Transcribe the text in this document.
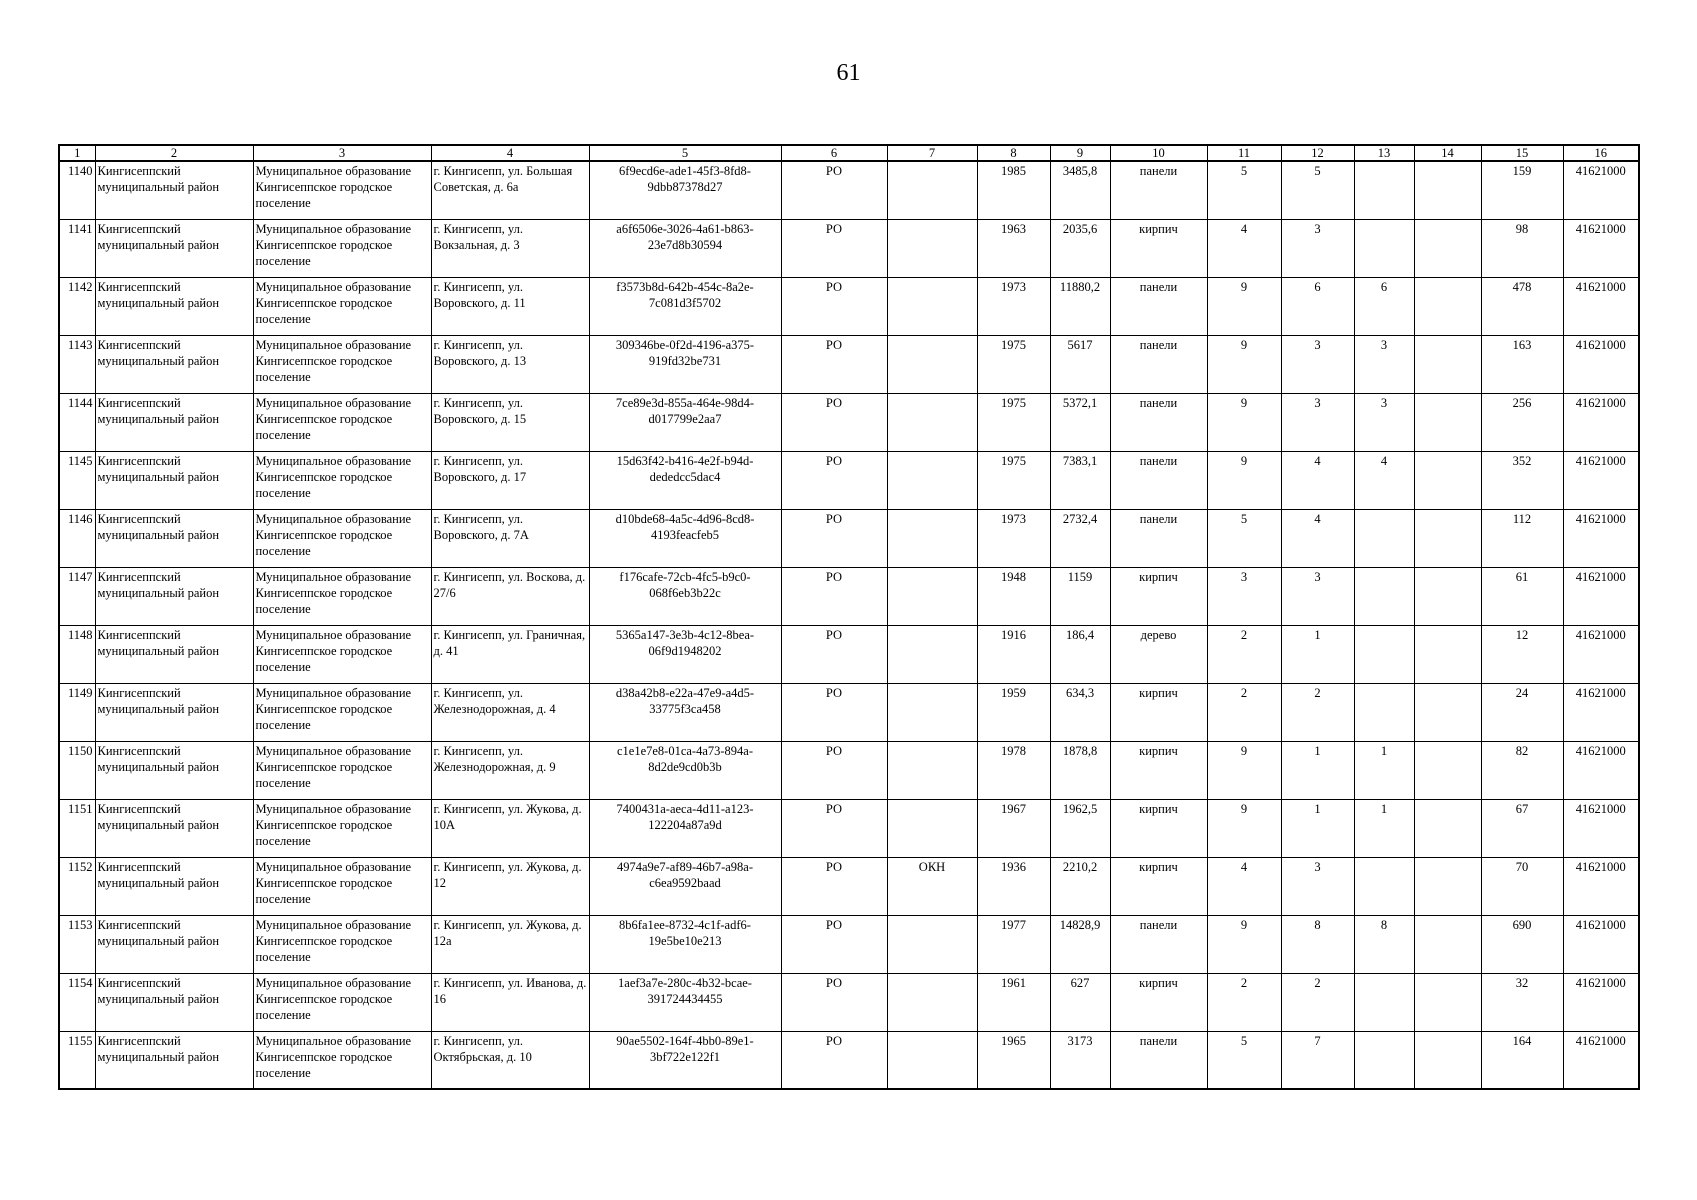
61
1	2	3	4	5	6	7	8	9	10	11	12	13	14	15	16
1140	Кингисеппский муниципальный район	Муниципальное образование Кингисеппское городское поселение	г. Кингисепп, ул. Большая Советская, д. 6а	6f9ecd6e-ade1-45f3-8fd8-9dbb87378d27	РО		1985	3485,8	панели	5	5			159	41621000
1141	Кингисеппский муниципальный район	Муниципальное образование Кингисеппское городское поселение	г. Кингисепп, ул. Вокзальная, д. 3	a6f6506e-3026-4a61-b863-23e7d8b30594	РО		1963	2035,6	кирпич	4	3			98	41621000
1142	Кингисеппский муниципальный район	Муниципальное образование Кингисеппское городское поселение	г. Кингисепп, ул. Воровского, д. 11	f3573b8d-642b-454c-8a2e-7c081d3f5702	РО		1973	11880,2	панели	9	6	6		478	41621000
1143	Кингисеппский муниципальный район	Муниципальное образование Кингисеппское городское поселение	г. Кингисепп, ул. Воровского, д. 13	309346be-0f2d-4196-a375-919fd32be731	РО		1975	5617	панели	9	3	3		163	41621000
1144	Кингисеппский муниципальный район	Муниципальное образование Кингисеппское городское поселение	г. Кингисепп, ул. Воровского, д. 15	7ce89e3d-855a-464e-98d4-d017799e2aa7	РО		1975	5372,1	панели	9	3	3		256	41621000
1145	Кингисеппский муниципальный район	Муниципальное образование Кингисеппское городское поселение	г. Кингисепп, ул. Воровского, д. 17	15d63f42-b416-4e2f-b94d-dededcc5dac4	РО		1975	7383,1	панели	9	4	4		352	41621000
1146	Кингисеппский муниципальный район	Муниципальное образование Кингисеппское городское поселение	г. Кингисепп, ул. Воровского, д. 7А	d10bde68-4a5c-4d96-8cd8-4193feacfeb5	РО		1973	2732,4	панели	5	4			112	41621000
1147	Кингисеппский муниципальный район	Муниципальное образование Кингисеппское городское поселение	г. Кингисепп, ул. Воскова, д. 27/6	f176cafe-72cb-4fc5-b9c0-068f6eb3b22c	РО		1948	1159	кирпич	3	3			61	41621000
1148	Кингисеппский муниципальный район	Муниципальное образование Кингисеппское городское поселение	г. Кингисепп, ул. Граничная, д. 41	5365a147-3e3b-4c12-8bea-06f9d1948202	РО		1916	186,4	дерево	2	1			12	41621000
1149	Кингисеппский муниципальный район	Муниципальное образование Кингисеппское городское поселение	г. Кингисепп, ул. Железнодорожная, д. 4	d38a42b8-e22a-47e9-a4d5-33775f3ca458	РО		1959	634,3	кирпич	2	2			24	41621000
1150	Кингисеппский муниципальный район	Муниципальное образование Кингисеппское городское поселение	г. Кингисепп, ул. Железнодорожная, д. 9	c1e1e7e8-01ca-4a73-894a-8d2de9cd0b3b	РО		1978	1878,8	кирпич	9	1	1		82	41621000
1151	Кингисеппский муниципальный район	Муниципальное образование Кингисеппское городское поселение	г. Кингисепп, ул. Жукова, д. 10А	7400431a-aeca-4d11-a123-122204a87a9d	РО		1967	1962,5	кирпич	9	1	1		67	41621000
1152	Кингисеппский муниципальный район	Муниципальное образование Кингисеппское городское поселение	г. Кингисепп, ул. Жукова, д. 12	4974a9e7-af89-46b7-a98a-c6ea9592baad	РО	ОКН	1936	2210,2	кирпич	4	3			70	41621000
1153	Кингисеппский муниципальный район	Муниципальное образование Кингисеппское городское поселение	г. Кингисепп, ул. Жукова, д. 12а	8b6fa1ee-8732-4c1f-adf6-19e5be10e213	РО		1977	14828,9	панели	9	8	8		690	41621000
1154	Кингисеппский муниципальный район	Муниципальное образование Кингисеппское городское поселение	г. Кингисепп, ул. Иванова, д. 16	1aef3a7e-280c-4b32-bcae-391724434455	РО		1961	627	кирпич	2	2			32	41621000
1155	Кингисеппский муниципальный район	Муниципальное образование Кингисеппское городское поселение	г. Кингисепп, ул. Октябрьская, д. 10	90ae5502-164f-4bb0-89e1-3bf722e122f1	РО		1965	3173	панели	5	7			164	41621000
